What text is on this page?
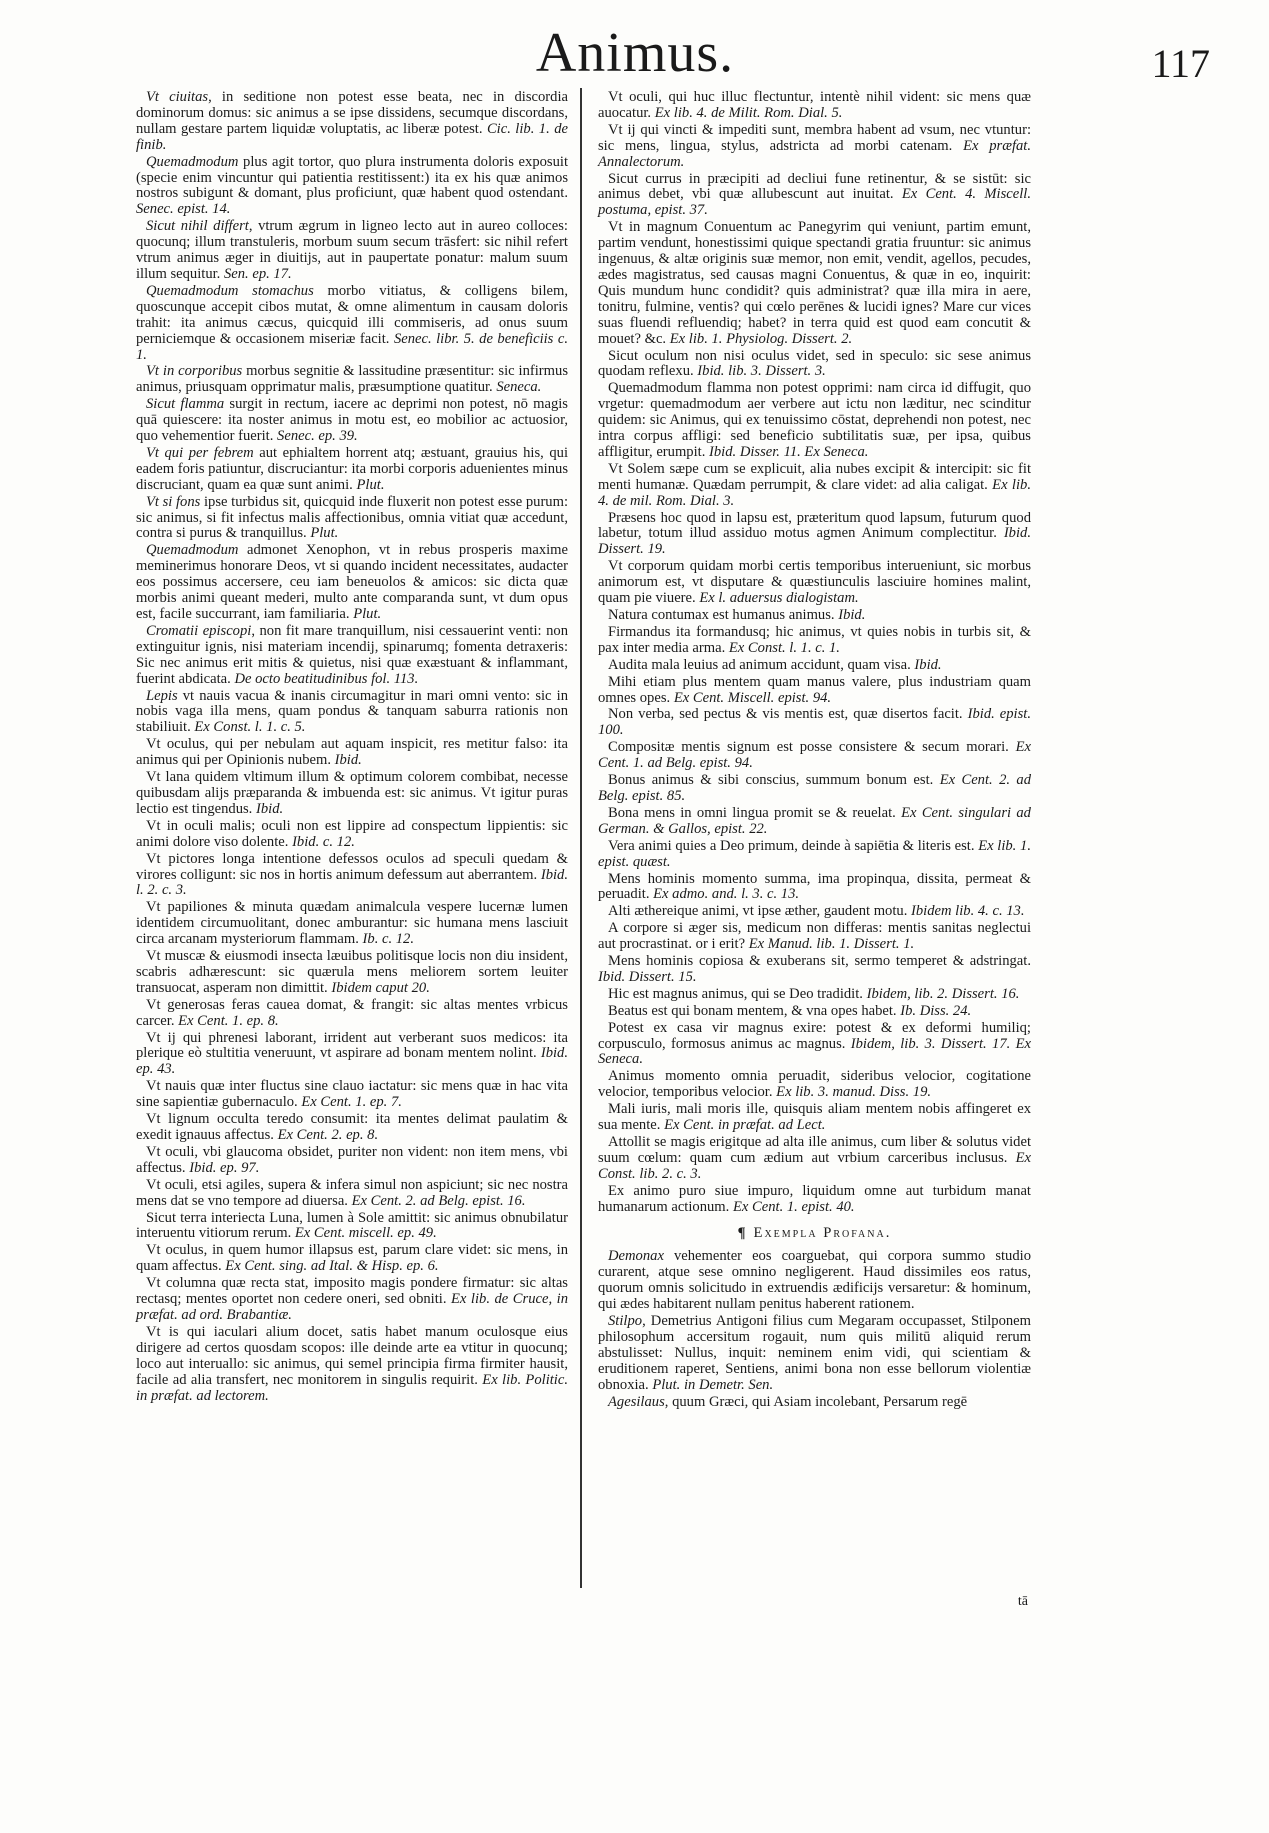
Animus.	117

Vt ciuitas, in seditione non potest esse beata, nec in discordia dominorum domus: sic animus a se ipse dissidens, secumque discordans, nullam gestare partem liquidæ voluptatis, ac liberæ potest. Cic. lib. 1. de finib.

Quemadmodum plus agit tortor, quo plura instrumenta doloris exposuit (specie enim vincuntur qui patientia restitissent:) ita ex his quæ animos nostros subigunt & domant, plus proficiunt, quæ habent quod ostendant. Senec. epist. 14.

Sicut nihil differt, vtrum ægrum in ligneo lecto aut in aureo colloces: quocunq; illum transtuleris, morbum suum secum trāsfert: sic nihil refert vtrum animus æger in diuitijs, aut in paupertate ponatur: malum suum illum sequitur. Sen. ep. 17.

Quemadmodum stomachus morbo vitiatus, & colligens bilem, quoscunque accepit cibos mutat, & omne alimentum in causam doloris trahit: ita animus cæcus, quicquid illi commiseris, ad onus suum perniciemque & occasionem miseriæ facit. Senec. libr. 5. de beneficiis c. 1.

Vt in corporibus morbus segnitie & lassitudine præsentitur: sic infirmus animus, priusquam opprimatur malis, præsumptione quatitur. Seneca.

Sicut flamma surgit in rectum, iacere ac deprimi non potest, nō magis quā quiescere: ita noster animus in motu est, eo mobilior ac actuosior, quo vehementior fuerit. Senec. ep. 39.

Vt qui per febrem aut ephialtem horrent atq; æstuant, grauius his, qui eadem foris patiuntur, discruciantur: ita morbi corporis aduenientes minus discruciant, quam ea quæ sunt animi. Plut.

Vt si fons ipse turbidus sit, quicquid inde fluxerit non potest esse purum: sic animus, si fit infectus malis affectionibus, omnia vitiat quæ accedunt, contra si purus & tranquillus. Plut.

Quemadmodum admonet Xenophon, vt in rebus prosperis maxime meminerimus honorare Deos, vt si quando incident necessitates, audacter eos possimus accersere, ceu iam beneuolos & amicos: sic dicta quæ morbis animi queant mederi, multo ante comparanda sunt, vt dum opus est, facile succurrant, iam familiaria. Plut.

Cromatii episcopi, non fit mare tranquillum, nisi cessauerint venti: non extinguitur ignis, nisi materiam incendij, spinarumq; fomenta detraxeris: Sic nec animus erit mitis & quietus, nisi quæ exæstuant & inflammant, fuerint abdicata. De octo beatitudinibus fol. 113.

Lepis vt nauis vacua & inanis circumagitur in mari omni vento: sic in nobis vaga illa mens, quam pondus & tanquam saburra rationis non stabiliuit. Ex Const. l. 1. c. 5.

Vt oculus, qui per nebulam aut aquam inspicit, res metitur falso: ita animus qui per Opinionis nubem. Ibid.

Vt lana quidem vltimum illum & optimum colorem combibat, necesse quibusdam alijs præparanda & imbuenda est: sic animus. Vt igitur puras lectio est tingendus. Ibid.

Vt in oculi malis; oculi non est lippire ad conspectum lippientis: sic animi dolore viso dolente. Ibid. c. 12.

Vt pictores longa intentione defessos oculos ad speculi quedam & virores colligunt: sic nos in hortis animum defessum aut aberrantem. Ibid. l. 2. c. 3.

Vt papiliones & minuta quædam animalcula vespere lucernæ lumen identidem circumuolitant, donec amburantur: sic humana mens lasciuit circa arcanam mysteriorum flammam. Ib. c. 12.

Vt muscæ & eiusmodi insecta læuibus politisque locis non diu insident, scabris adhærescunt: sic quærula mens meliorem sortem leuiter transuocat, asperam non dimittit. Ibidem caput 20.

Vt generosas feras cauea domat, & frangit: sic altas mentes vrbicus carcer. Ex Cent. 1. ep. 8.

Vt ij qui phrenesi laborant, irrident aut verberant suos medicos: ita plerique eò stultitia veneruunt, vt aspirare ad bonam mentem nolint. Ibid. ep. 43.

Vt nauis quæ inter fluctus sine clauo iactatur: sic mens quæ in hac vita sine sapientiæ gubernaculo. Ex Cent. 1. ep. 7.

Vt lignum occulta teredo consumit: ita mentes delimat paulatim & exedit ignauus affectus. Ex Cent. 2. ep. 8.

Vt oculi, vbi glaucoma obsidet, puriter non vident: non item mens, vbi affectus. Ibid. ep. 97.

Vt oculi, etsi agiles, supera & infera simul non aspiciunt; sic nec nostra mens dat se vno tempore ad diuersa. Ex Cent. 2. ad Belg. epist. 16.

Sicut terra interiecta Luna, lumen à Sole amittit: sic animus obnubilatur interuentu vitiorum rerum. Ex Cent. miscell. ep. 49.

Vt oculus, in quem humor illapsus est, parum clare videt: sic mens, in quam affectus. Ex Cent. sing. ad Ital. & Hisp. ep. 6.

Vt columna quæ recta stat, imposito magis pondere firmatur: sic altas rectasq; mentes oportet non cedere oneri, sed obniti. Ex lib. de Cruce, in præfat. ad ord. Brabantiæ.

Vt is qui iaculari alium docet, satis habet manum oculosque eius dirigere ad certos quosdam scopos: ille deinde arte ea vtitur in quocunq; loco aut interuallo: sic animus, qui semel principia firma firmiter hausit, facile ad alia transfert, nec monitorem in singulis requirit. Ex lib. Politic. in præfat. ad lectorem.

Vt oculi, qui huc illuc flectuntur, intentè nihil vident: sic mens quæ auocatur. Ex lib. 4. de Milit. Rom. Dial. 5.

Vt ij qui vincti & impediti sunt, membra habent ad vsum, nec vtuntur: sic mens, lingua, stylus, adstricta ad morbi catenam. Ex præfat. Annalectorum.

Sicut currus in præcipiti ad decliui fune retinentur, & se sistūt: sic animus debet, vbi quæ allubescunt aut inuitat. Ex Cent. 4. Miscell. postuma, epist. 37.

Vt in magnum Conuentum ac Panegyrim qui veniunt, partim emunt, partim vendunt, honestissimi quique spectandi gratia fruuntur: sic animus ingenuus, & altæ originis suæ memor, non emit, vendit, agellos, pecudes, ædes magistratus, sed causas magni Conuentus, & quæ in eo, inquirit: Quis mundum hunc condidit? quis administrat? quæ illa mira in aere, tonitru, fulmine, ventis? qui cœlo perēnes & lucidi ignes? Mare cur vices suas fluendi refluendiq; habet? in terra quid est quod eam concutit & mouet? &c. Ex lib. 1. Physiolog. Dissert. 2.

Sicut oculum non nisi oculus videt, sed in speculo: sic sese animus quodam reflexu. Ibid. lib. 3. Dissert. 3.

Quemadmodum flamma non potest opprimi: nam circa id diffugit, quo vrgetur: quemadmodum aer verbere aut ictu non læditur, nec scinditur quidem: sic Animus, qui ex tenuissimo cōstat, deprehendi non potest, nec intra corpus affligi: sed beneficio subtilitatis suæ, per ipsa, quibus affligitur, erumpit. Ibid. Disser. 11. Ex Seneca.

Vt Solem sæpe cum se explicuit, alia nubes excipit & intercipit: sic fit menti humanæ. Quædam perrumpit, & clare videt: ad alia caligat. Ex lib. 4. de mil. Rom. Dial. 3.

Præsens hoc quod in lapsu est, præteritum quod lapsum, futurum quod labetur, totum illud assiduo motus agmen Animum complectitur. Ibid. Dissert. 19.

Vt corporum quidam morbi certis temporibus interueniunt, sic morbus animorum est, vt disputare & quæstiunculis lasciuire homines malint, quam pie viuere. Ex l. aduersus dialogistam.

Natura contumax est humanus animus. Ibid.

Firmandus ita formandusq; hic animus, vt quies nobis in turbis sit, & pax inter media arma. Ex Const. l. 1. c. 1.

Audita mala leuius ad animum accidunt, quam visa. Ibid.

Mihi etiam plus mentem quam manus valere, plus industriam quam omnes opes. Ex Cent. Miscell. epist. 94.

Non verba, sed pectus & vis mentis est, quæ disertos facit. Ibid. epist. 100.

Compositæ mentis signum est posse consistere & secum morari. Ex Cent. 1. ad Belg. epist. 94.

Bonus animus & sibi conscius, summum bonum est. Ex Cent. 2. ad Belg. epist. 85.

Bona mens in omni lingua promit se & reuelat. Ex Cent. singulari ad German. & Gallos, epist. 22.

Vera animi quies a Deo primum, deinde à sapiētia & literis est. Ex lib. 1. epist. quæst.

Mens hominis momento summa, ima propinqua, dissita, permeat & peruadit. Ex admo. and. l. 3. c. 13.

Alti æthereique animi, vt ipse æther, gaudent motu. Ibidem lib. 4. c. 13.

A corpore si æger sis, medicum non differas: mentis sanitas neglectui aut procrastinat. or i erit? Ex Manud. lib. 1. Dissert. 1.

Mens hominis copiosa & exuberans sit, sermo temperet & adstringat. Ibid. Dissert. 15.

Hic est magnus animus, qui se Deo tradidit. Ibidem, lib. 2. Dissert. 16.

Beatus est qui bonam mentem, & vna opes habet. Ib. Diss. 24.

Potest ex casa vir magnus exire: potest & ex deformi humiliq; corpusculo, formosus animus ac magnus. Ibidem, lib. 3. Dissert. 17. Ex Seneca.

Animus momento omnia peruadit, sideribus velocior, cogitatione velocior, temporibus velocior. Ex lib. 3. manud. Diss. 19.

Mali iuris, mali moris ille, quisquis aliam mentem nobis affingeret ex sua mente. Ex Cent. in præfat. ad Lect.

Attollit se magis erigitque ad alta ille animus, cum liber & solutus videt suum cœlum: quam cum ædium aut vrbium carceribus inclusus. Ex Const. lib. 2. c. 3.

Ex animo puro siue impuro, liquidum omne aut turbidum manat humanarum actionum. Ex Cent. 1. epist. 40.

¶ Exempla Profana.

Demonax vehementer eos coarguebat, qui corpora summo studio curarent, atque sese omnino negligerent. Haud dissimiles eos ratus, quorum omnis solicitudo in extruendis ædificijs versaretur: & hominum, qui ædes habitarent nullam penitus haberent rationem.

Stilpo, Demetrius Antigoni filius cum Megaram occupasset, Stilponem philosophum accersitum rogauit, num quis militū aliquid rerum abstulisset: Nullus, inquit: neminem enim vidi, qui scientiam & eruditionem raperet, Sentiens, animi bona non esse bellorum violentiæ obnoxia. Plut. in Demetr. Sen.

Agesilaus, quum Græci, qui Asiam incolebant, Persarum regē

tā
